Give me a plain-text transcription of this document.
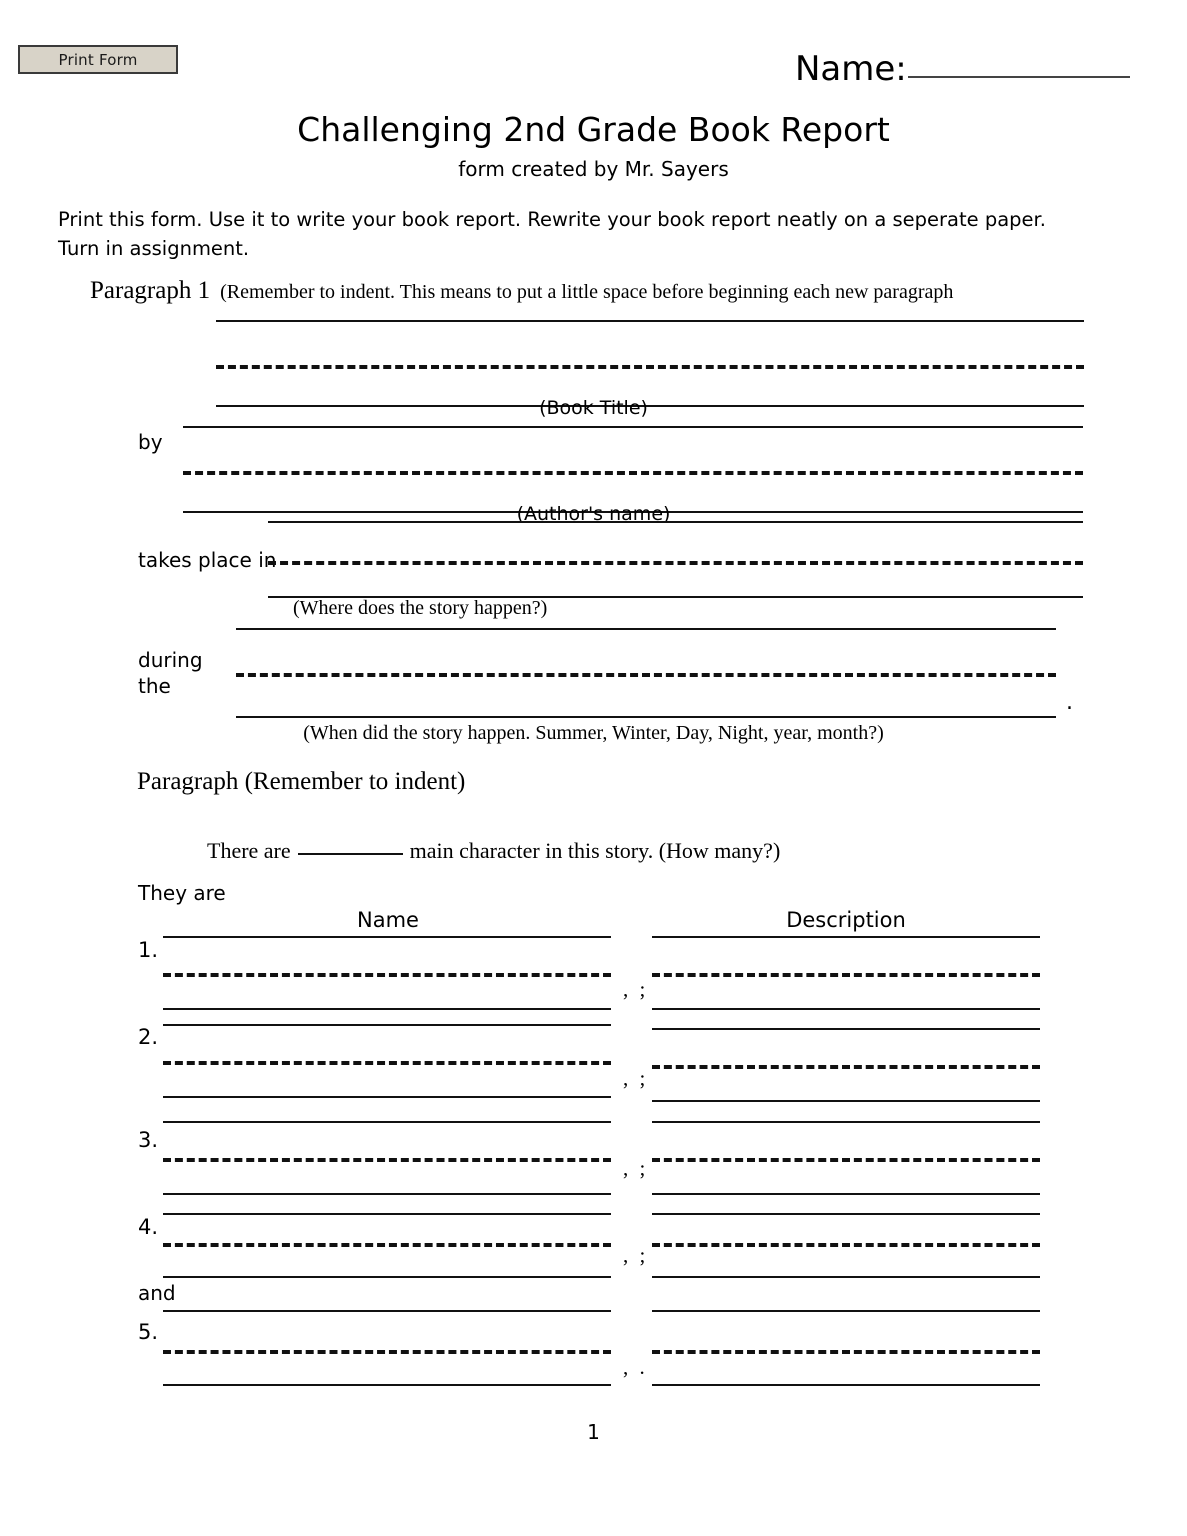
Print Form	Name:
Challenging 2nd Grade Book Report
form created by Mr. Sayers
Print this form. Use it to write your book report. Rewrite your book report neatly on a seperate paper. Turn in assignment.
Paragraph 1 (Remember to indent. This means to put a little space before beginning each new paragraph
(Book Title)
by
(Author's name)
takes place in
(Where does the story happen?)
during
the
.
(When did the story happen. Summer, Winter, Day, Night, year, month?)
Paragraph (Remember to indent)
There are	main character in this story. (How many?)
They are
Name	Description
1.
, ;
2.
, ;
3.
, ;
4.
, ;
and
5.
, .
1
